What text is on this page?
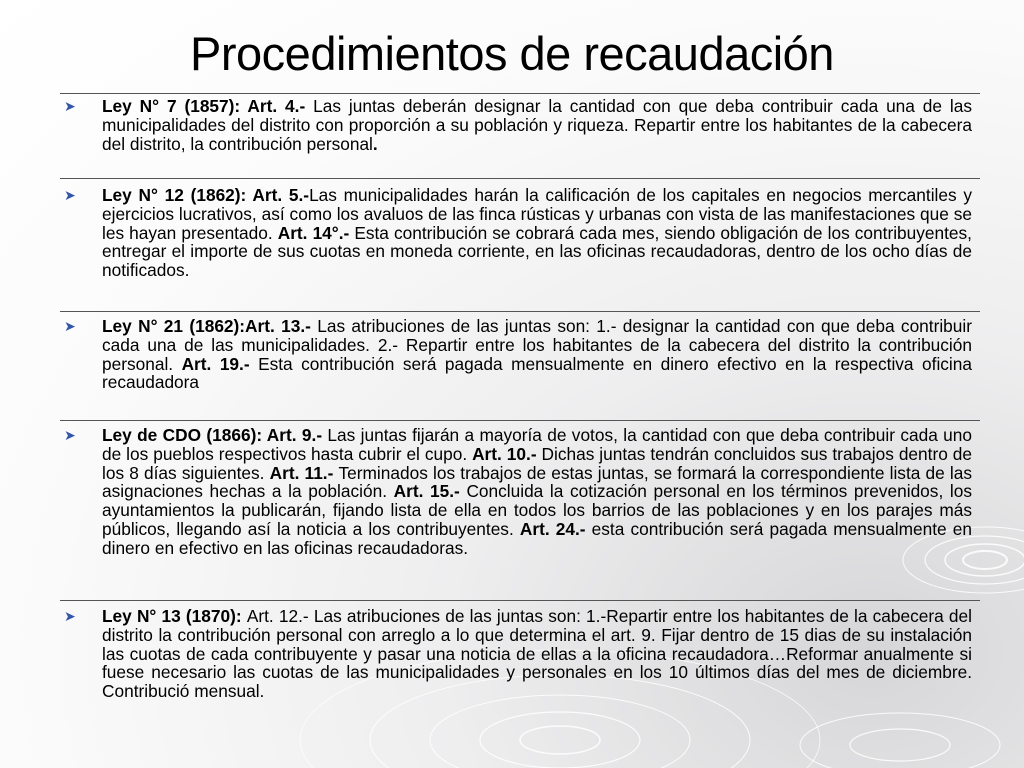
Procedimientos de recaudación
➤ Ley N° 7 (1857): Art. 4.- Las juntas deberán designar la cantidad con que deba contribuir cada una de las municipalidades del distrito con proporción a su población y riqueza. Repartir entre los habitantes de la cabecera del distrito, la contribución personal.
➤ Ley N° 12 (1862): Art. 5.-Las municipalidades harán la calificación de los capitales en negocios mercantiles y ejercicios lucrativos, así como los avaluos de las finca rústicas y urbanas con vista de las manifestaciones que se les hayan presentado. Art. 14°.- Esta contribución se cobrará cada mes, siendo obligación de los contribuyentes, entregar el importe de sus cuotas en moneda corriente, en las oficinas recaudadoras, dentro de los ocho días de notificados.
➤ Ley N° 21 (1862):Art. 13.- Las atribuciones de las juntas son: 1.- designar la cantidad con que deba contribuir cada una de las municipalidades. 2.- Repartir entre los habitantes de la cabecera del distrito la contribución personal. Art. 19.- Esta contribución será pagada mensualmente en dinero efectivo en la respectiva oficina recaudadora
➤ Ley de CDO (1866): Art. 9.- Las juntas fijarán a mayoría de votos, la cantidad con que deba contribuir cada uno de los pueblos respectivos hasta cubrir el cupo. Art. 10.- Dichas juntas tendrán concluidos sus trabajos dentro de los 8 días siguientes. Art. 11.- Terminados los trabajos de estas juntas, se formará la correspondiente lista de las asignaciones hechas a la población. Art. 15.- Concluida la cotización personal en los términos prevenidos, los ayuntamientos la publicarán, fijando lista de ella en todos los barrios de las poblaciones y en los parajes más públicos, llegando así la noticia a los contribuyentes. Art. 24.- esta contribución será pagada mensualmente en dinero en efectivo en las oficinas recaudadoras.
➤ Ley N° 13 (1870): Art. 12.- Las atribuciones de las juntas son: 1.-Repartir entre los habitantes de la cabecera del distrito la contribución personal con arreglo a lo que determina el art. 9. Fijar dentro de 15 dias de su instalación las cuotas de cada contribuyente y pasar una noticia de ellas a la oficina recaudadora…Reformar anualmente si fuese necesario las cuotas de las municipalidades y personales en los 10 últimos días del mes de diciembre. Contribució mensual.
